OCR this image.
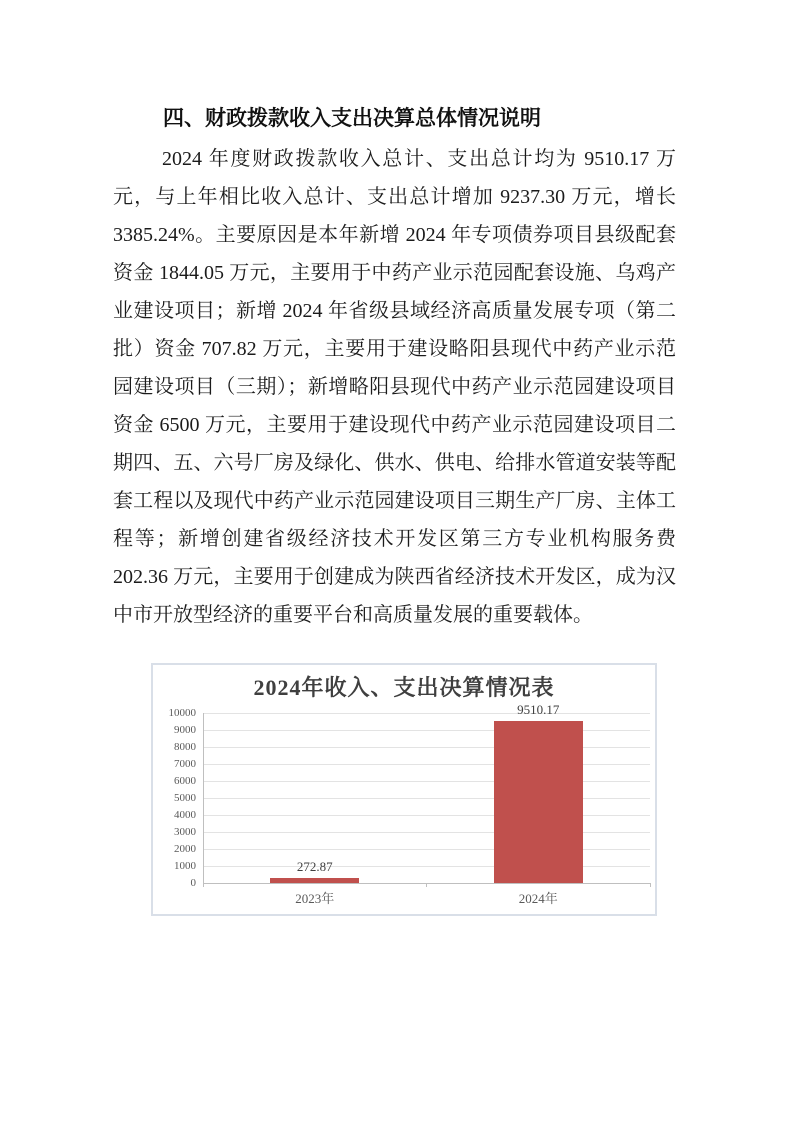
四、财政拨款收入支出决算总体情况说明

2024 年度财政拨款收入总计、支出总计均为 9510.17 万元，与上年相比收入总计、支出总计增加 9237.30 万元，增长 3385.24%。主要原因是本年新增 2024 年专项债券项目县级配套资金 1844.05 万元，主要用于中药产业示范园配套设施、乌鸡产业建设项目；新增 2024 年省级县域经济高质量发展专项（第二批）资金 707.82 万元，主要用于建设略阳县现代中药产业示范园建设项目（三期）；新增略阳县现代中药产业示范园建设项目资金 6500 万元，主要用于建设现代中药产业示范园建设项目二期四、五、六号厂房及绿化、供水、供电、给排水管道安装等配套工程以及现代中药产业示范园建设项目三期生产厂房、主体工程等；新增创建省级经济技术开发区第三方专业机构服务费 202.36 万元，主要用于创建成为陕西省经济技术开发区，成为汉中市开放型经济的重要平台和高质量发展的重要载体。

2024年收入、支出决算情况表
0
1000
2000
3000
4000
5000
6000
7000
8000
9000
10000
272.87
2023年
9510.17
2024年
